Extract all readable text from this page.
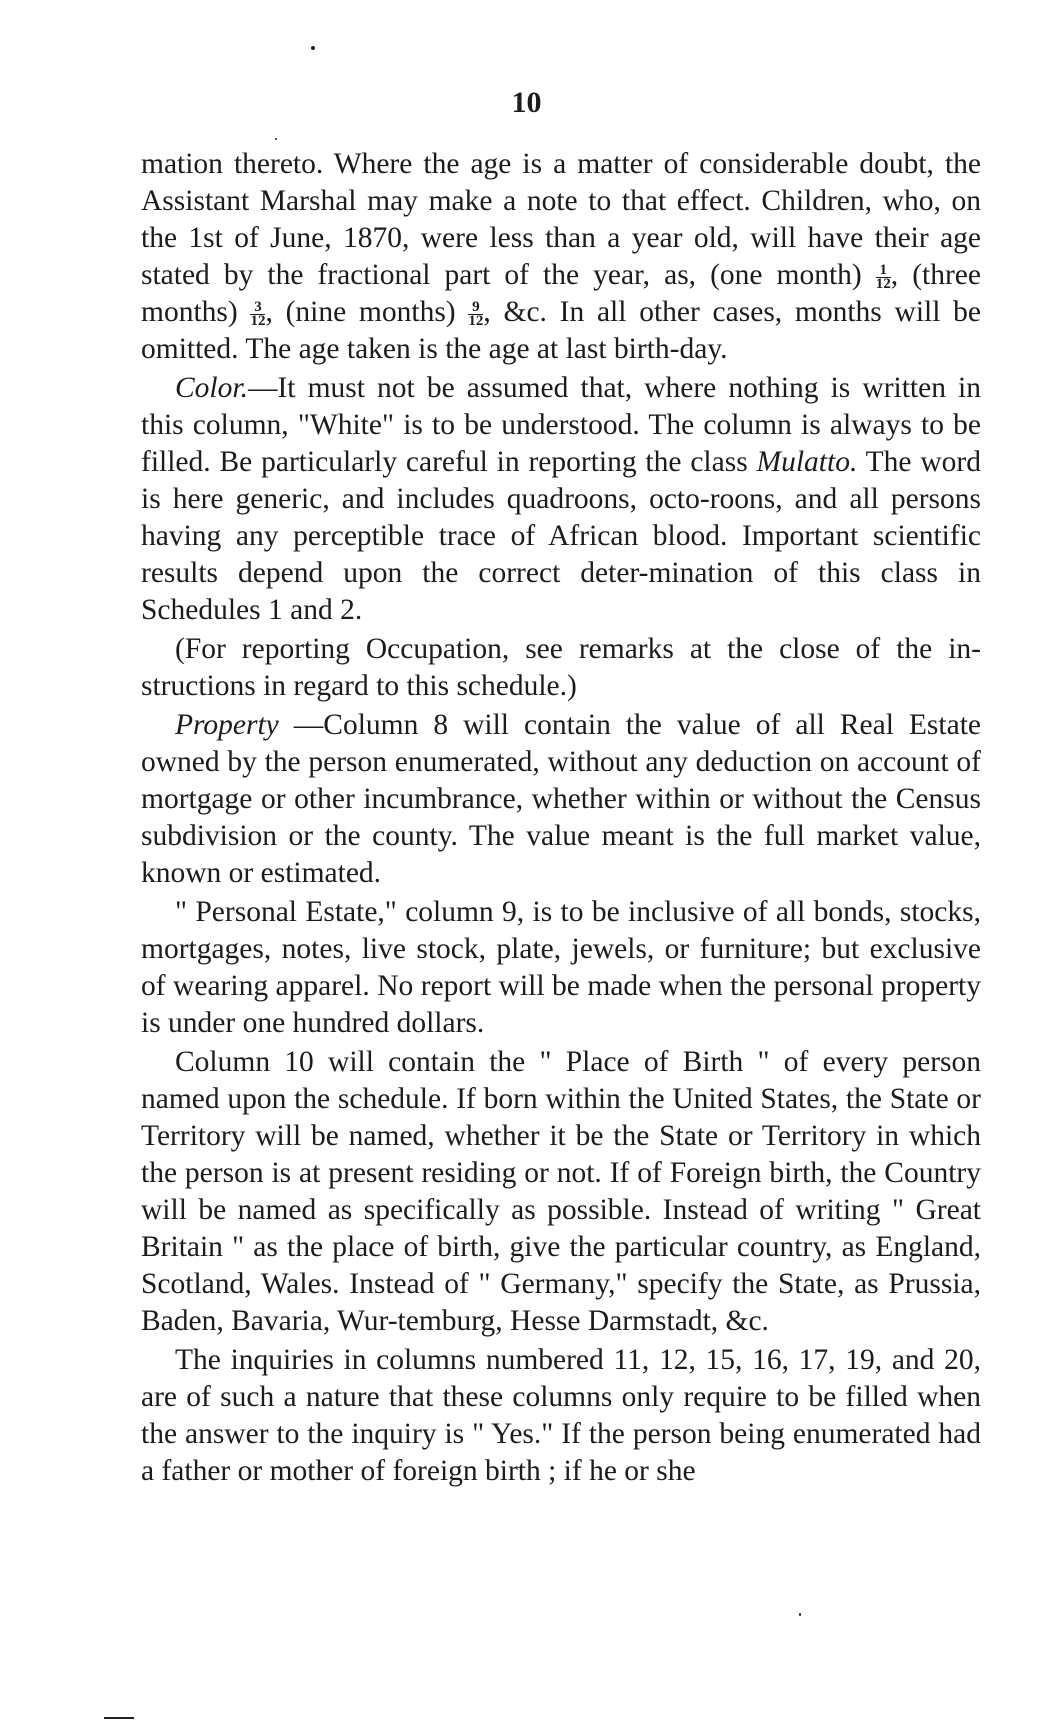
10

mation thereto. Where the age is a matter of considerable doubt, the Assistant Marshal may make a note to that effect. Children, who, on the 1st of June, 1870, were less than a year old, will have their age stated by the fractional part of the year, as, (one month) $\frac{1}{12}$ , (three months) $\frac{3}{12}$ , (nine months) $\frac{9}{12}$ , &c. In all other cases, months will be omitted. The age taken is the age at last birth-day.

Color.—It must not be assumed that, where nothing is written in this column, "White" is to be understood. The column is always to be filled. Be particularly careful in reporting the class Mulatto. The word is here generic, and includes quadroons, octo-roons, and all persons having any perceptible trace of African blood. Important scientific results depend upon the correct deter-mination of this class in Schedules 1 and 2.

(For reporting Occupation, see remarks at the close of the in-structions in regard to this schedule.)

Property —Column 8 will contain the value of all Real Estate owned by the person enumerated, without any deduction on account of mortgage or other incumbrance, whether within or without the Census subdivision or the county. The value meant is the full market value, known or estimated.

" Personal Estate," column 9, is to be inclusive of all bonds, stocks, mortgages, notes, live stock, plate, jewels, or furniture; but exclusive of wearing apparel. No report will be made when the personal property is under one hundred dollars.

Column 10 will contain the " Place of Birth " of every person named upon the schedule. If born within the United States, the State or Territory will be named, whether it be the State or Territory in which the person is at present residing or not. If of Foreign birth, the Country will be named as specifically as possible. Instead of writing " Great Britain " as the place of birth, give the particular country, as England, Scotland, Wales. Instead of " Germany," specify the State, as Prussia, Baden, Bavaria, Wur-temburg, Hesse Darmstadt, &c.

The inquiries in columns numbered 11, 12, 15, 16, 17, 19, and 20, are of such a nature that these columns only require to be filled when the answer to the inquiry is " Yes." If the person being enumerated had a father or mother of foreign birth ; if he or she
